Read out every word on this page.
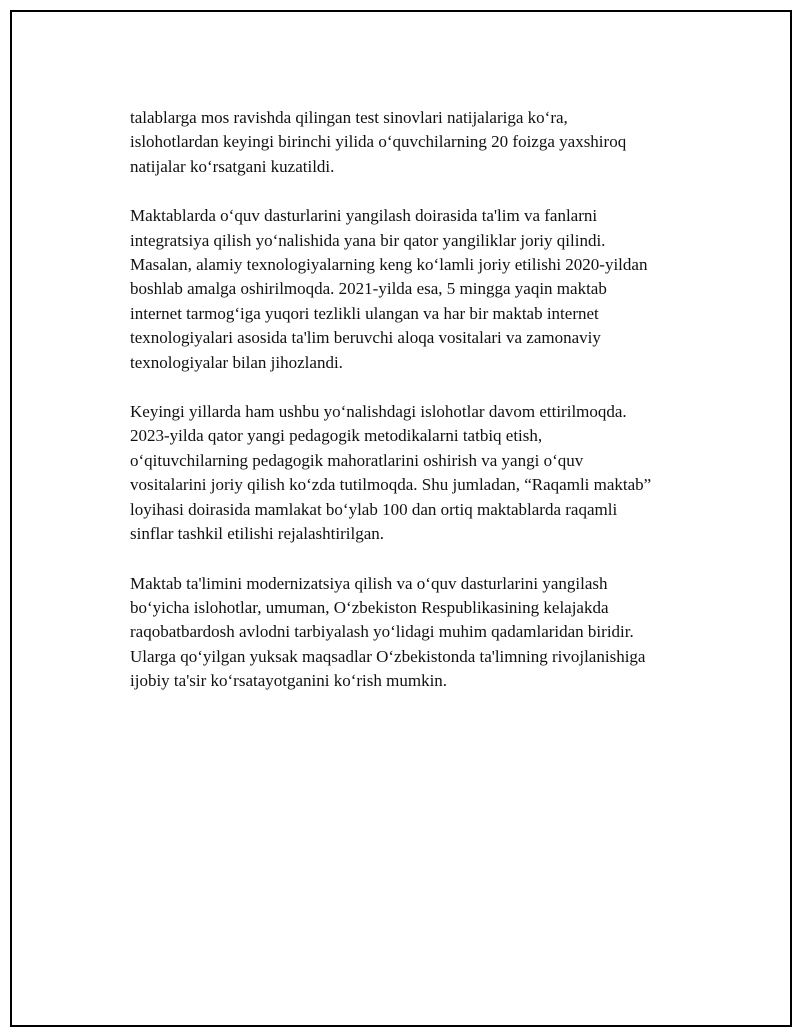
talablarga mos ravishda qilingan test sinovlari natijalariga ko‘ra,
islohotlardan keyingi birinchi yilida o‘quvchilarning 20 foizga yaxshiroq
natijalar ko‘rsatgani kuzatildi.

Maktablarda o‘quv dasturlarini yangilash doirasida ta'lim va fanlarni
integratsiya qilish yo‘nalishida yana bir qator yangiliklar joriy qilindi.
Masalan, alamiy texnologiyalarning keng ko‘lamli joriy etilishi 2020-yildan
boshlab amalga oshirilmoqda. 2021-yilda esa, 5 mingga yaqin maktab
internet tarmog‘iga yuqori tezlikli ulangan va har bir maktab internet
texnologiyalari asosida ta'lim beruvchi aloqa vositalari va zamonaviy
texnologiyalar bilan jihozlandi.

Keyingi yillarda ham ushbu yo‘nalishdagi islohotlar davom ettirilmoqda.
2023-yilda qator yangi pedagogik metodikalarni tatbiq etish,
o‘qituvchilarning pedagogik mahoratlarini oshirish va yangi o‘quv
vositalarini joriy qilish ko‘zda tutilmoqda. Shu jumladan, “Raqamli maktab”
loyihasi doirasida mamlakat bo‘ylab 100 dan ortiq maktablarda raqamli
sinflar tashkil etilishi rejalashtirilgan.

Maktab ta'limini modernizatsiya qilish va o‘quv dasturlarini yangilash
bo‘yicha islohotlar, umuman, O‘zbekiston Respublikasining kelajakda
raqobatbardosh avlodni tarbiyalash yo‘lidagi muhim qadamlaridan biridir.
Ularga qo‘yilgan yuksak maqsadlar O‘zbekistonda ta'limning rivojlanishiga
ijobiy ta'sir ko‘rsatayotganini ko‘rish mumkin.
